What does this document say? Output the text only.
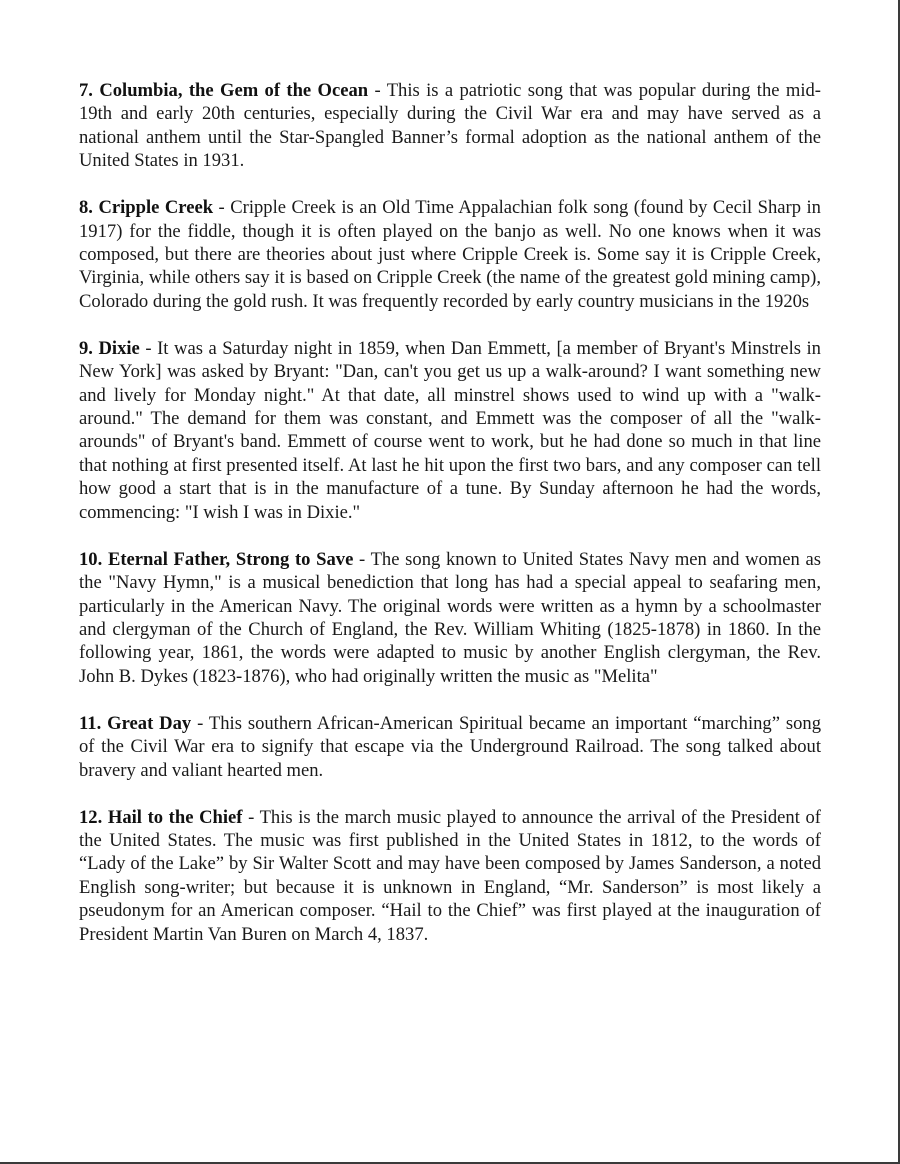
7. Columbia, the Gem of the Ocean - This is a patriotic song that was popular during the mid-19th and early 20th centuries, especially during the Civil War era and may have served as a national anthem until the Star-Spangled Banner’s formal adoption as the national anthem of the United States in 1931.

8. Cripple Creek - Cripple Creek is an Old Time Appalachian folk song (found by Cecil Sharp in 1917) for the fiddle, though it is often played on the banjo as well. No one knows when it was composed, but there are theories about just where Cripple Creek is. Some say it is Cripple Creek, Virginia, while others say it is based on Cripple Creek (the name of the greatest gold mining camp), Colorado during the gold rush. It was frequently recorded by early country musicians in the 1920s

9. Dixie - It was a Saturday night in 1859, when Dan Emmett, [a member of Bryant's Minstrels in New York] was asked by Bryant: "Dan, can't you get us up a walk-around? I want something new and lively for Monday night." At that date, all minstrel shows used to wind up with a "walk-around." The demand for them was constant, and Emmett was the composer of all the "walk-arounds" of Bryant's band. Emmett of course went to work, but he had done so much in that line that nothing at first presented itself. At last he hit upon the first two bars, and any composer can tell how good a start that is in the manufacture of a tune. By Sunday afternoon he had the words, commencing: "I wish I was in Dixie."

10. Eternal Father, Strong to Save - The song known to United States Navy men and women as the "Navy Hymn," is a musical benediction that long has had a special appeal to seafaring men, particularly in the American Navy. The original words were written as a hymn by a schoolmaster and clergyman of the Church of England, the Rev. William Whiting (1825-1878) in 1860. In the following year, 1861, the words were adapted to music by another English clergyman, the Rev. John B. Dykes (1823-1876), who had originally written the music as "Melita"

11. Great Day - This southern African-American Spiritual became an important “marching” song of the Civil War era to signify that escape via the Underground Railroad. The song talked about bravery and valiant hearted men.

12. Hail to the Chief - This is the march music played to announce the arrival of the President of the United States. The music was first published in the United States in 1812, to the words of “Lady of the Lake” by Sir Walter Scott and may have been composed by James Sanderson, a noted English song-writer; but because it is unknown in England, “Mr. Sanderson” is most likely a pseudonym for an American composer. “Hail to the Chief” was first played at the inauguration of President Martin Van Buren on March 4, 1837.
